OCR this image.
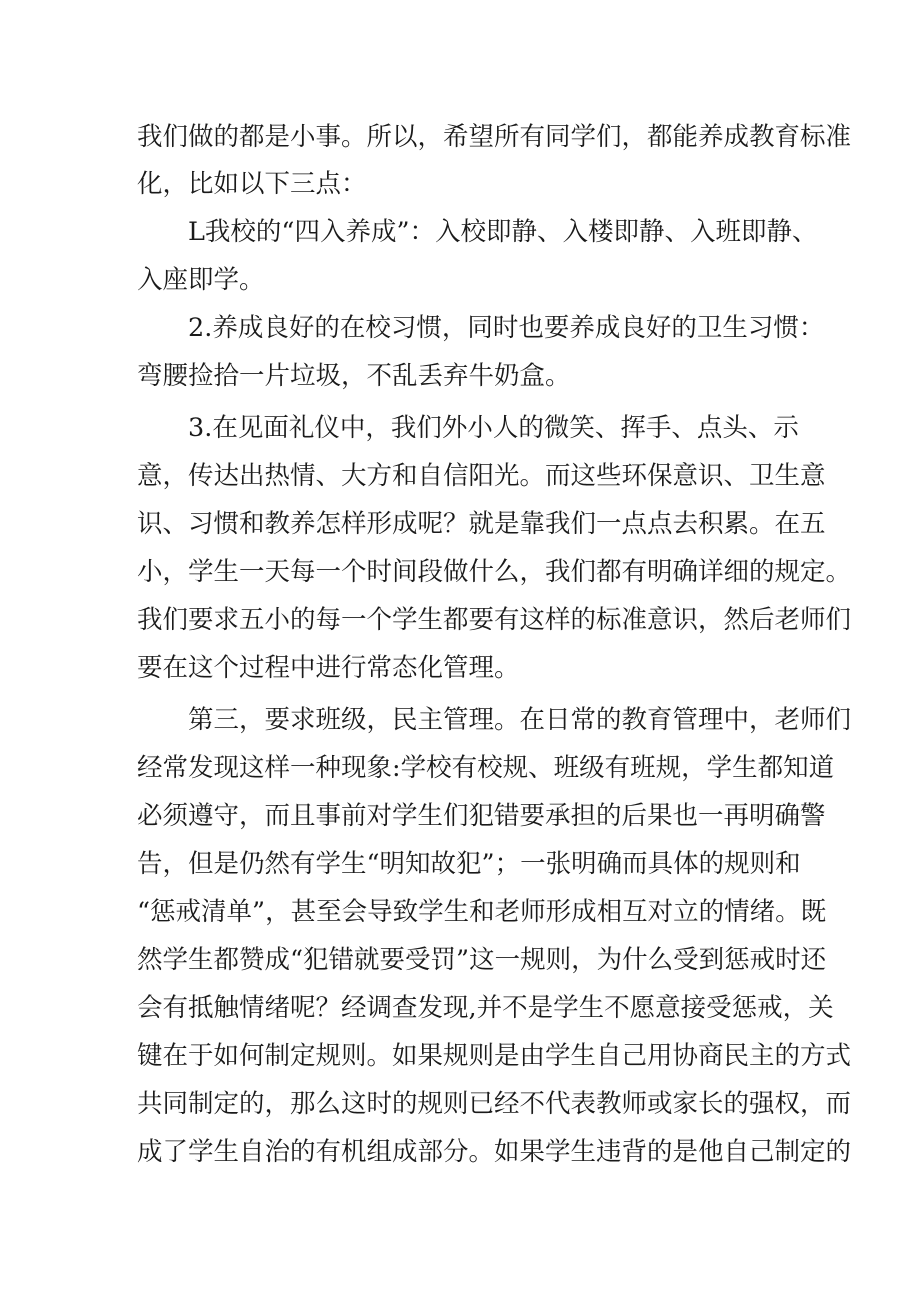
我们做的都是小事。所以，希望所有同学们，都能养成教育标准
化，比如以下三点：
L我校的“四入养成”：入校即静、入楼即静、入班即静、
入座即学。
2.养成良好的在校习惯，同时也要养成良好的卫生习惯：
弯腰捡拾一片垃圾，不乱丢弃牛奶盒。
3.在见面礼仪中，我们外小人的微笑、挥手、点头、示
意，传达出热情、大方和自信阳光。而这些环保意识、卫生意
识、习惯和教养怎样形成呢？就是靠我们一点点去积累。在五
小，学生一天每一个时间段做什么，我们都有明确详细的规定。
我们要求五小的每一个学生都要有这样的标准意识，然后老师们
要在这个过程中进行常态化管理。
第三，要求班级，民主管理。在日常的教育管理中，老师们
经常发现这样一种现象:学校有校规、班级有班规，学生都知道
必须遵守，而且事前对学生们犯错要承担的后果也一再明确警
告，但是仍然有学生“明知故犯”；一张明确而具体的规则和
“惩戒清单”，甚至会导致学生和老师形成相互对立的情绪。既
然学生都赞成“犯错就要受罚”这一规则，为什么受到惩戒时还
会有抵触情绪呢？经调查发现,并不是学生不愿意接受惩戒，关
键在于如何制定规则。如果规则是由学生自己用协商民主的方式
共同制定的，那么这时的规则已经不代表教师或家长的强权，而
成了学生自治的有机组成部分。如果学生违背的是他自己制定的
